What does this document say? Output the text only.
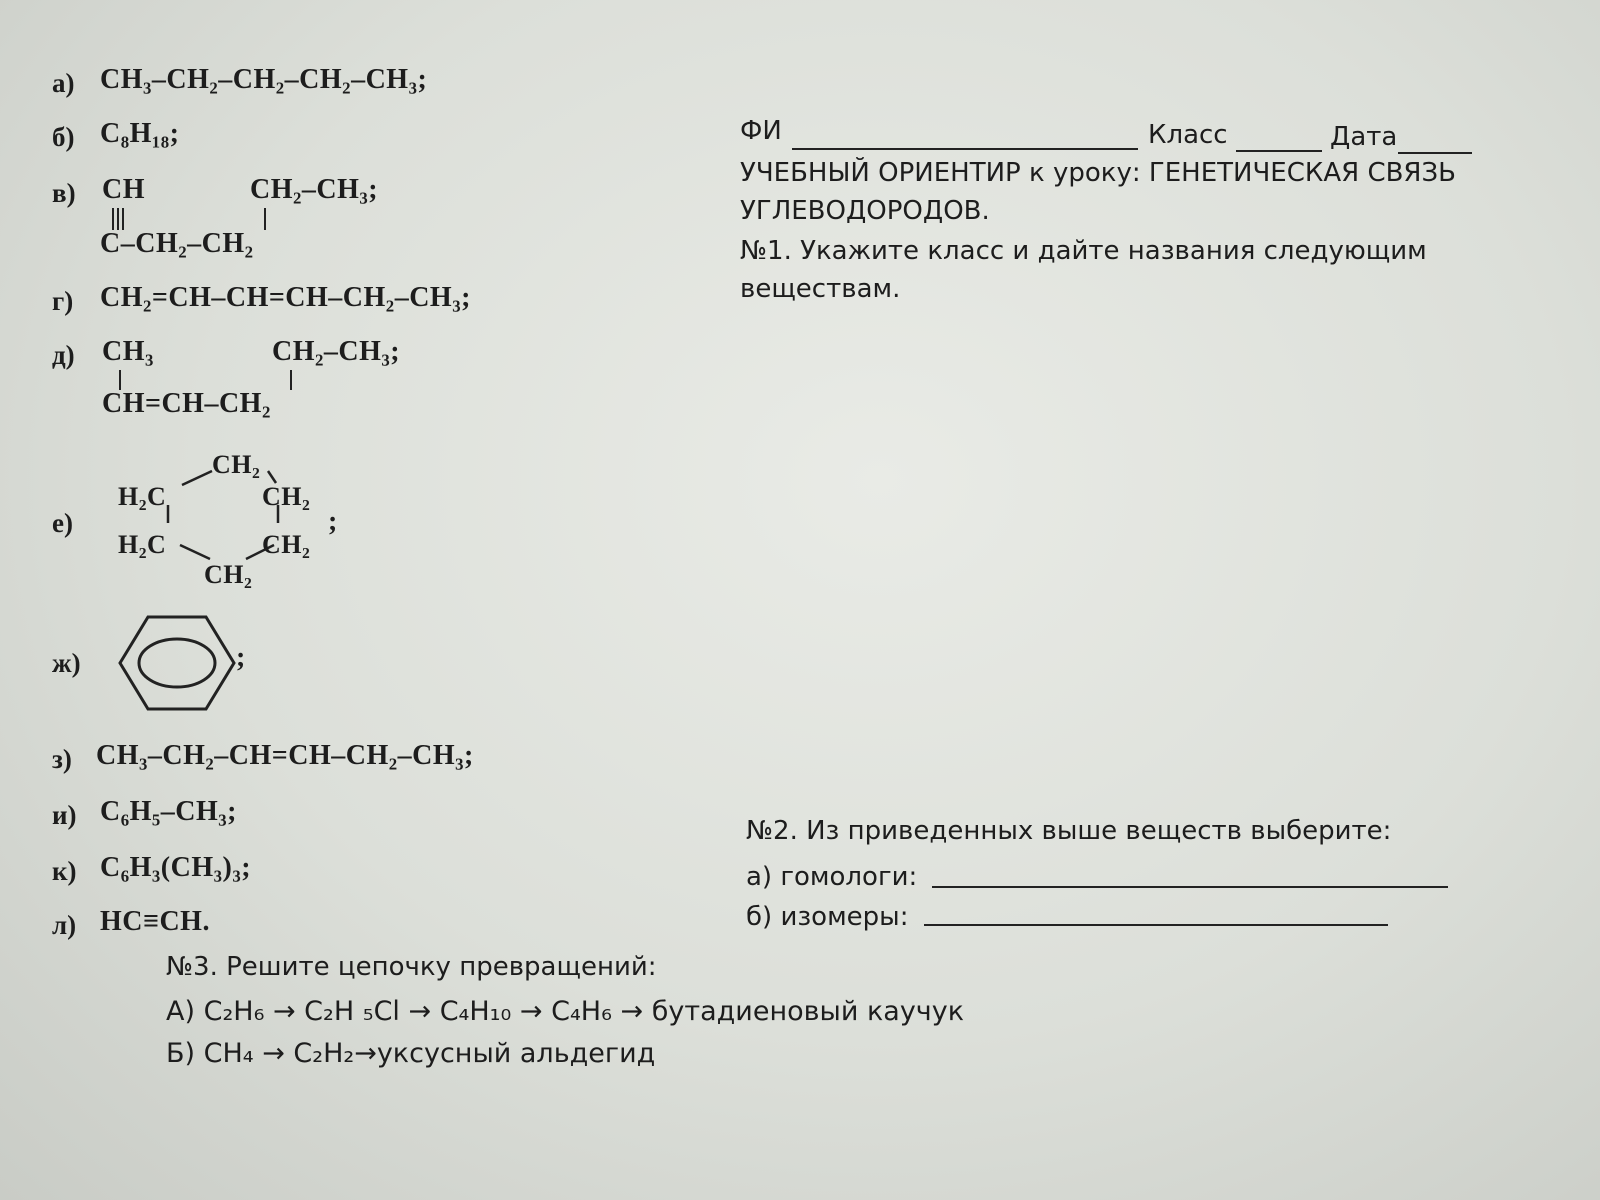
а) CH₃–CH₂–CH₂–CH₂–CH₃;
б) C₈H₁₈;
в) CH	CH₂–CH₃;
C–CH₂–CH₂
г) CH₂=CH–CH=CH–CH₂–CH₃;
д) CH₃	CH₂–CH₃;
CH=CH–CH₂
е)
CH₂
H₂C	CH₂
H₂C	CH₂
CH₂
;
ж)	;
з) CH₃–CH₂–CH=CH–CH₂–CH₃;
и) C₆H₅–CH₃;
к) C₆H₃(CH₃)₃;
л) HC≡CH.
ФИ	Класс	Дата
УЧЕБНЫЙ ОРИЕНТИР к уроку: ГЕНЕТИЧЕСКАЯ СВЯЗЬ
УГЛЕВОДОРОДОВ.
№1. Укажите класс и дайте названия следующим
веществам.
№2. Из приведенных выше веществ выберите:
а) гомологи:
б) изомеры:
№3. Решите цепочку превращений:
А) C₂H₆ → C₂H ₅Cl → C₄H₁₀ → C₄H₆ → бутадиеновый каучук
Б) CH₄ → C₂H₂→уксусный альдегид
